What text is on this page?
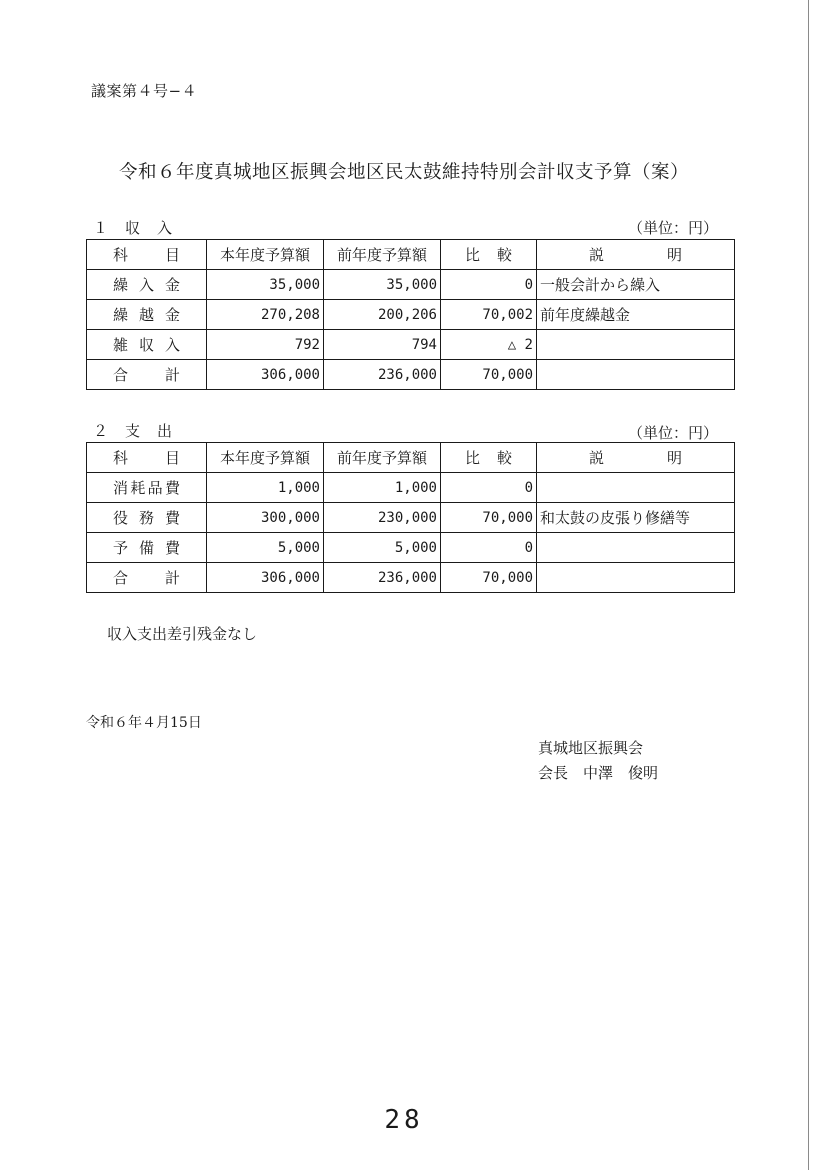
議案第４号−４
令和６年度真城地区振興会地区民太鼓維持特別会計収支予算（案）
１　収　入	（単位：円）
科　目	本年度予算額	前年度予算額	比　較	説　明
繰入金	35,000	35,000	0	一般会計から繰入
繰越金	270,208	200,206	70,002	前年度繰越金
雑収入	792	794	△ 2	
合計	306,000	236,000	70,000	
２　支　出	（単位：円）
科　目	本年度予算額	前年度予算額	比　較	説　明
消耗品費	1,000	1,000	0	
役務費	300,000	230,000	70,000	和太鼓の皮張り修繕等
予備費	5,000	5,000	0	
合計	306,000	236,000	70,000	
収入支出差引残金なし
令和６年４月15日
真城地区振興会
会長　中澤　俊明
28
